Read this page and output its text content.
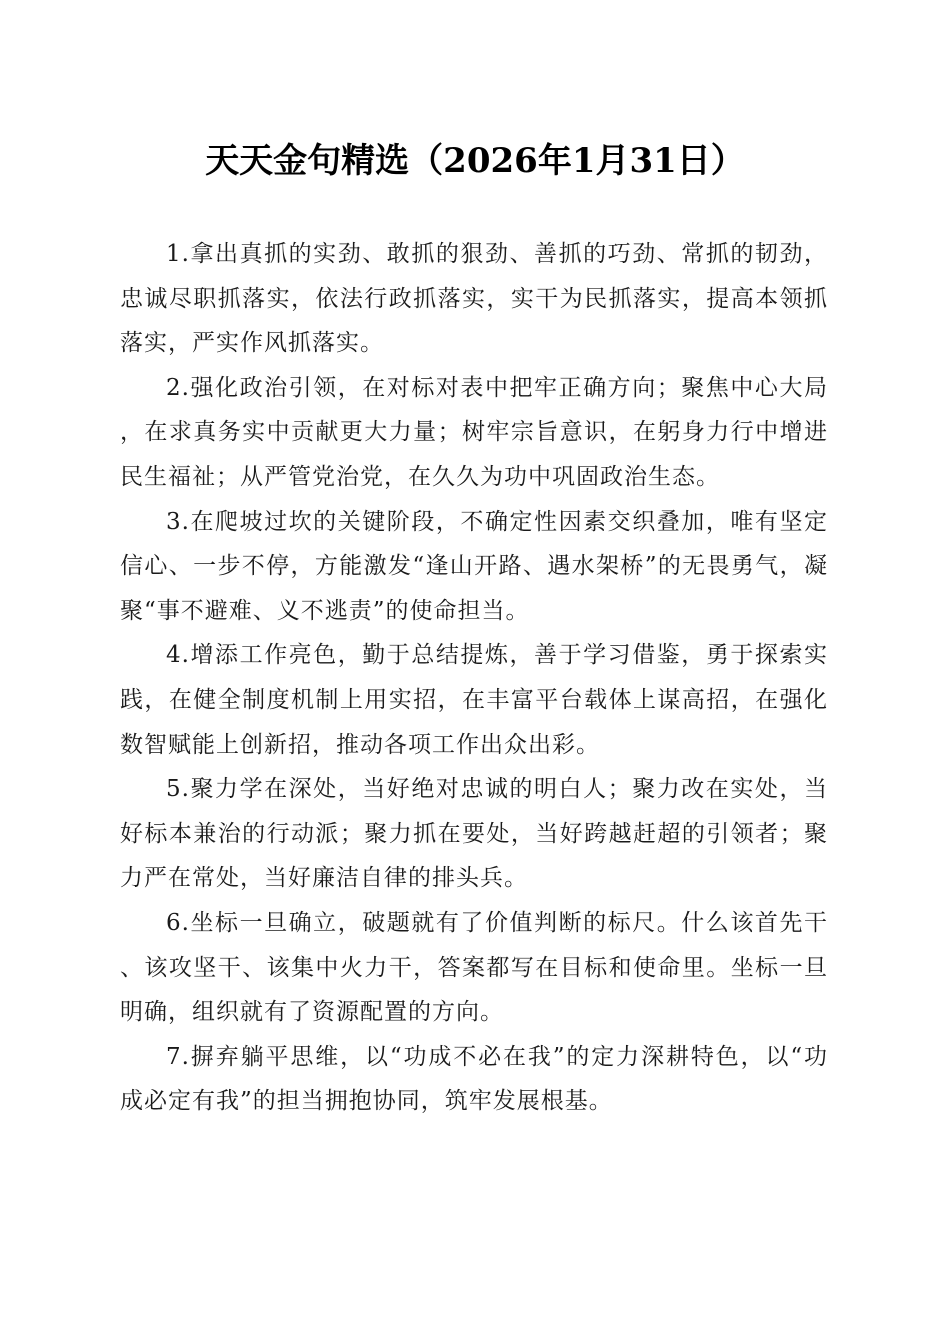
天天金句精选（2026年1月31日）

1.拿出真抓的实劲、敢抓的狠劲、善抓的巧劲、常抓的韧劲，忠诚尽职抓落实，依法行政抓落实，实干为民抓落实，提高本领抓落实，严实作风抓落实。

2.强化政治引领，在对标对表中把牢正确方向；聚焦中心大局，在求真务实中贡献更大力量；树牢宗旨意识，在躬身力行中增进民生福祉；从严管党治党，在久久为功中巩固政治生态。

3.在爬坡过坎的关键阶段，不确定性因素交织叠加，唯有坚定信心、一步不停，方能激发“逢山开路、遇水架桥”的无畏勇气，凝聚“事不避难、义不逃责”的使命担当。

4.增添工作亮色，勤于总结提炼，善于学习借鉴，勇于探索实践，在健全制度机制上用实招，在丰富平台载体上谋高招，在强化数智赋能上创新招，推动各项工作出众出彩。

5.聚力学在深处，当好绝对忠诚的明白人；聚力改在实处，当好标本兼治的行动派；聚力抓在要处，当好跨越赶超的引领者；聚力严在常处，当好廉洁自律的排头兵。

6.坐标一旦确立，破题就有了价值判断的标尺。什么该首先干、该攻坚干、该集中火力干，答案都写在目标和使命里。坐标一旦明确，组织就有了资源配置的方向。

7.摒弃躺平思维，以“功成不必在我”的定力深耕特色，以“功成必定有我”的担当拥抱协同，筑牢发展根基。
